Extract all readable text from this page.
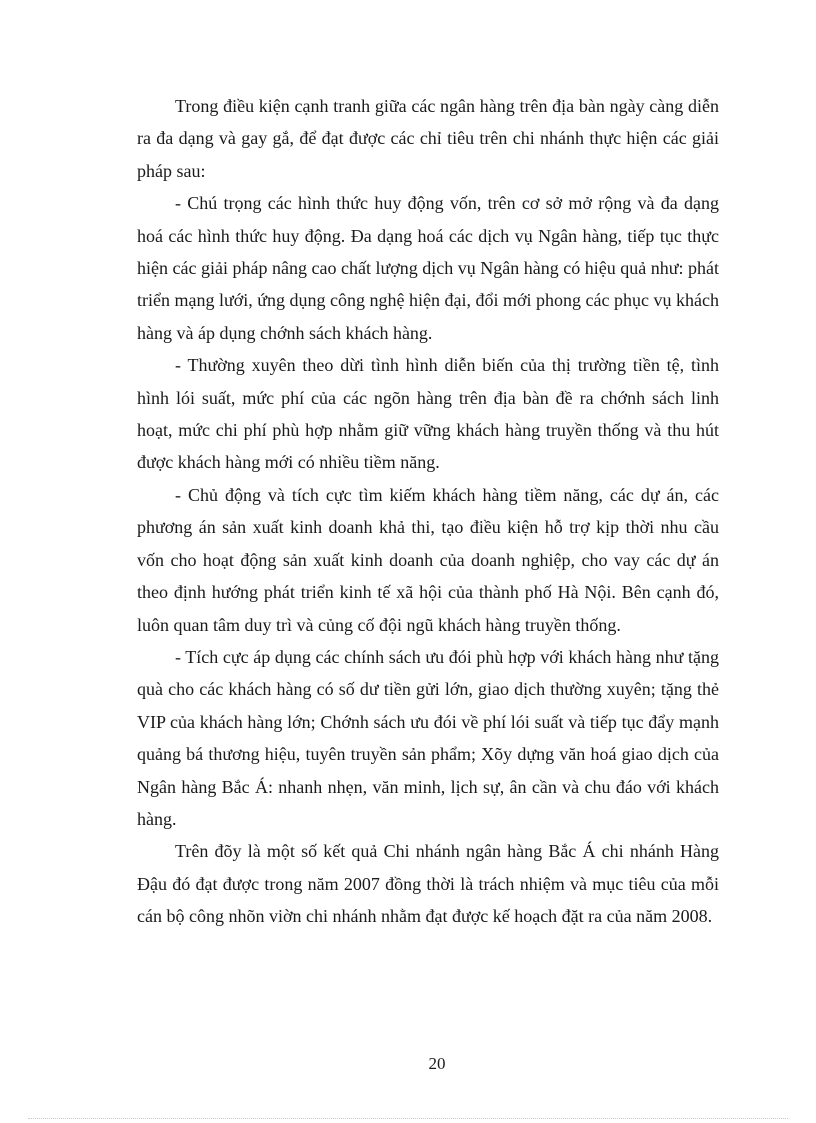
Trong điều kiện cạnh tranh giữa các ngân hàng trên địa bàn ngày càng diễn ra đa dạng và gay gắ, để đạt được các chỉ tiêu trên chi nhánh thực hiện các giải pháp sau:

- Chú trọng các hình thức huy động vốn, trên cơ sở mở rộng và đa dạng hoá các hình thức huy động. Đa dạng hoá các dịch vụ Ngân hàng, tiếp tục thực hiện các giải pháp nâng cao chất lượng dịch vụ Ngân hàng có hiệu quả như: phát triển mạng lưới, ứng dụng công nghệ hiện đại, đổi mới phong các phục vụ khách hàng và áp dụng chớnh sách khách hàng.

- Thường xuyên theo dừi tình hình diễn biến của thị trường tiền tệ, tình hình lói suất, mức phí của các ngõn hàng trên địa bàn đề ra chớnh sách linh hoạt, mức chi phí phù hợp nhằm giữ vững khách hàng truyền thống và thu hút được khách hàng mới có nhiều tiềm năng.

- Chủ động và tích cực tìm kiếm khách hàng tiềm năng, các dự án, các phương án sản xuất kinh doanh khả thi, tạo điều kiện hỗ trợ kịp thời nhu cầu vốn cho hoạt động sản xuất kinh doanh của doanh nghiệp, cho vay các dự án theo định hướng phát triển kinh tế xã hội của thành phố Hà Nội. Bên cạnh đó, luôn quan tâm duy trì và củng cố đội ngũ khách hàng truyền thống.

- Tích cực áp dụng các chính sách ưu đói phù hợp với khách hàng như tặng quà cho các khách hàng có số dư tiền gửi lớn, giao dịch thường xuyên; tặng thẻ VIP của khách hàng lớn; Chớnh sách ưu đói về phí lói suất và tiếp tục đẩy mạnh quảng bá thương hiệu, tuyên truyền sản phẩm; Xõy dựng văn hoá giao dịch của Ngân hàng Bắc Á: nhanh nhẹn, văn minh, lịch sự, ân cần và chu đáo với khách hàng.

Trên đõy là một số kết quả Chi nhánh ngân hàng Bắc Á chi nhánh Hàng Đậu đó đạt được trong năm 2007 đồng thời là trách nhiệm và mục tiêu của mỗi cán bộ công nhõn viờn chi nhánh nhằm đạt được kế hoạch đặt ra của năm 2008.

20
